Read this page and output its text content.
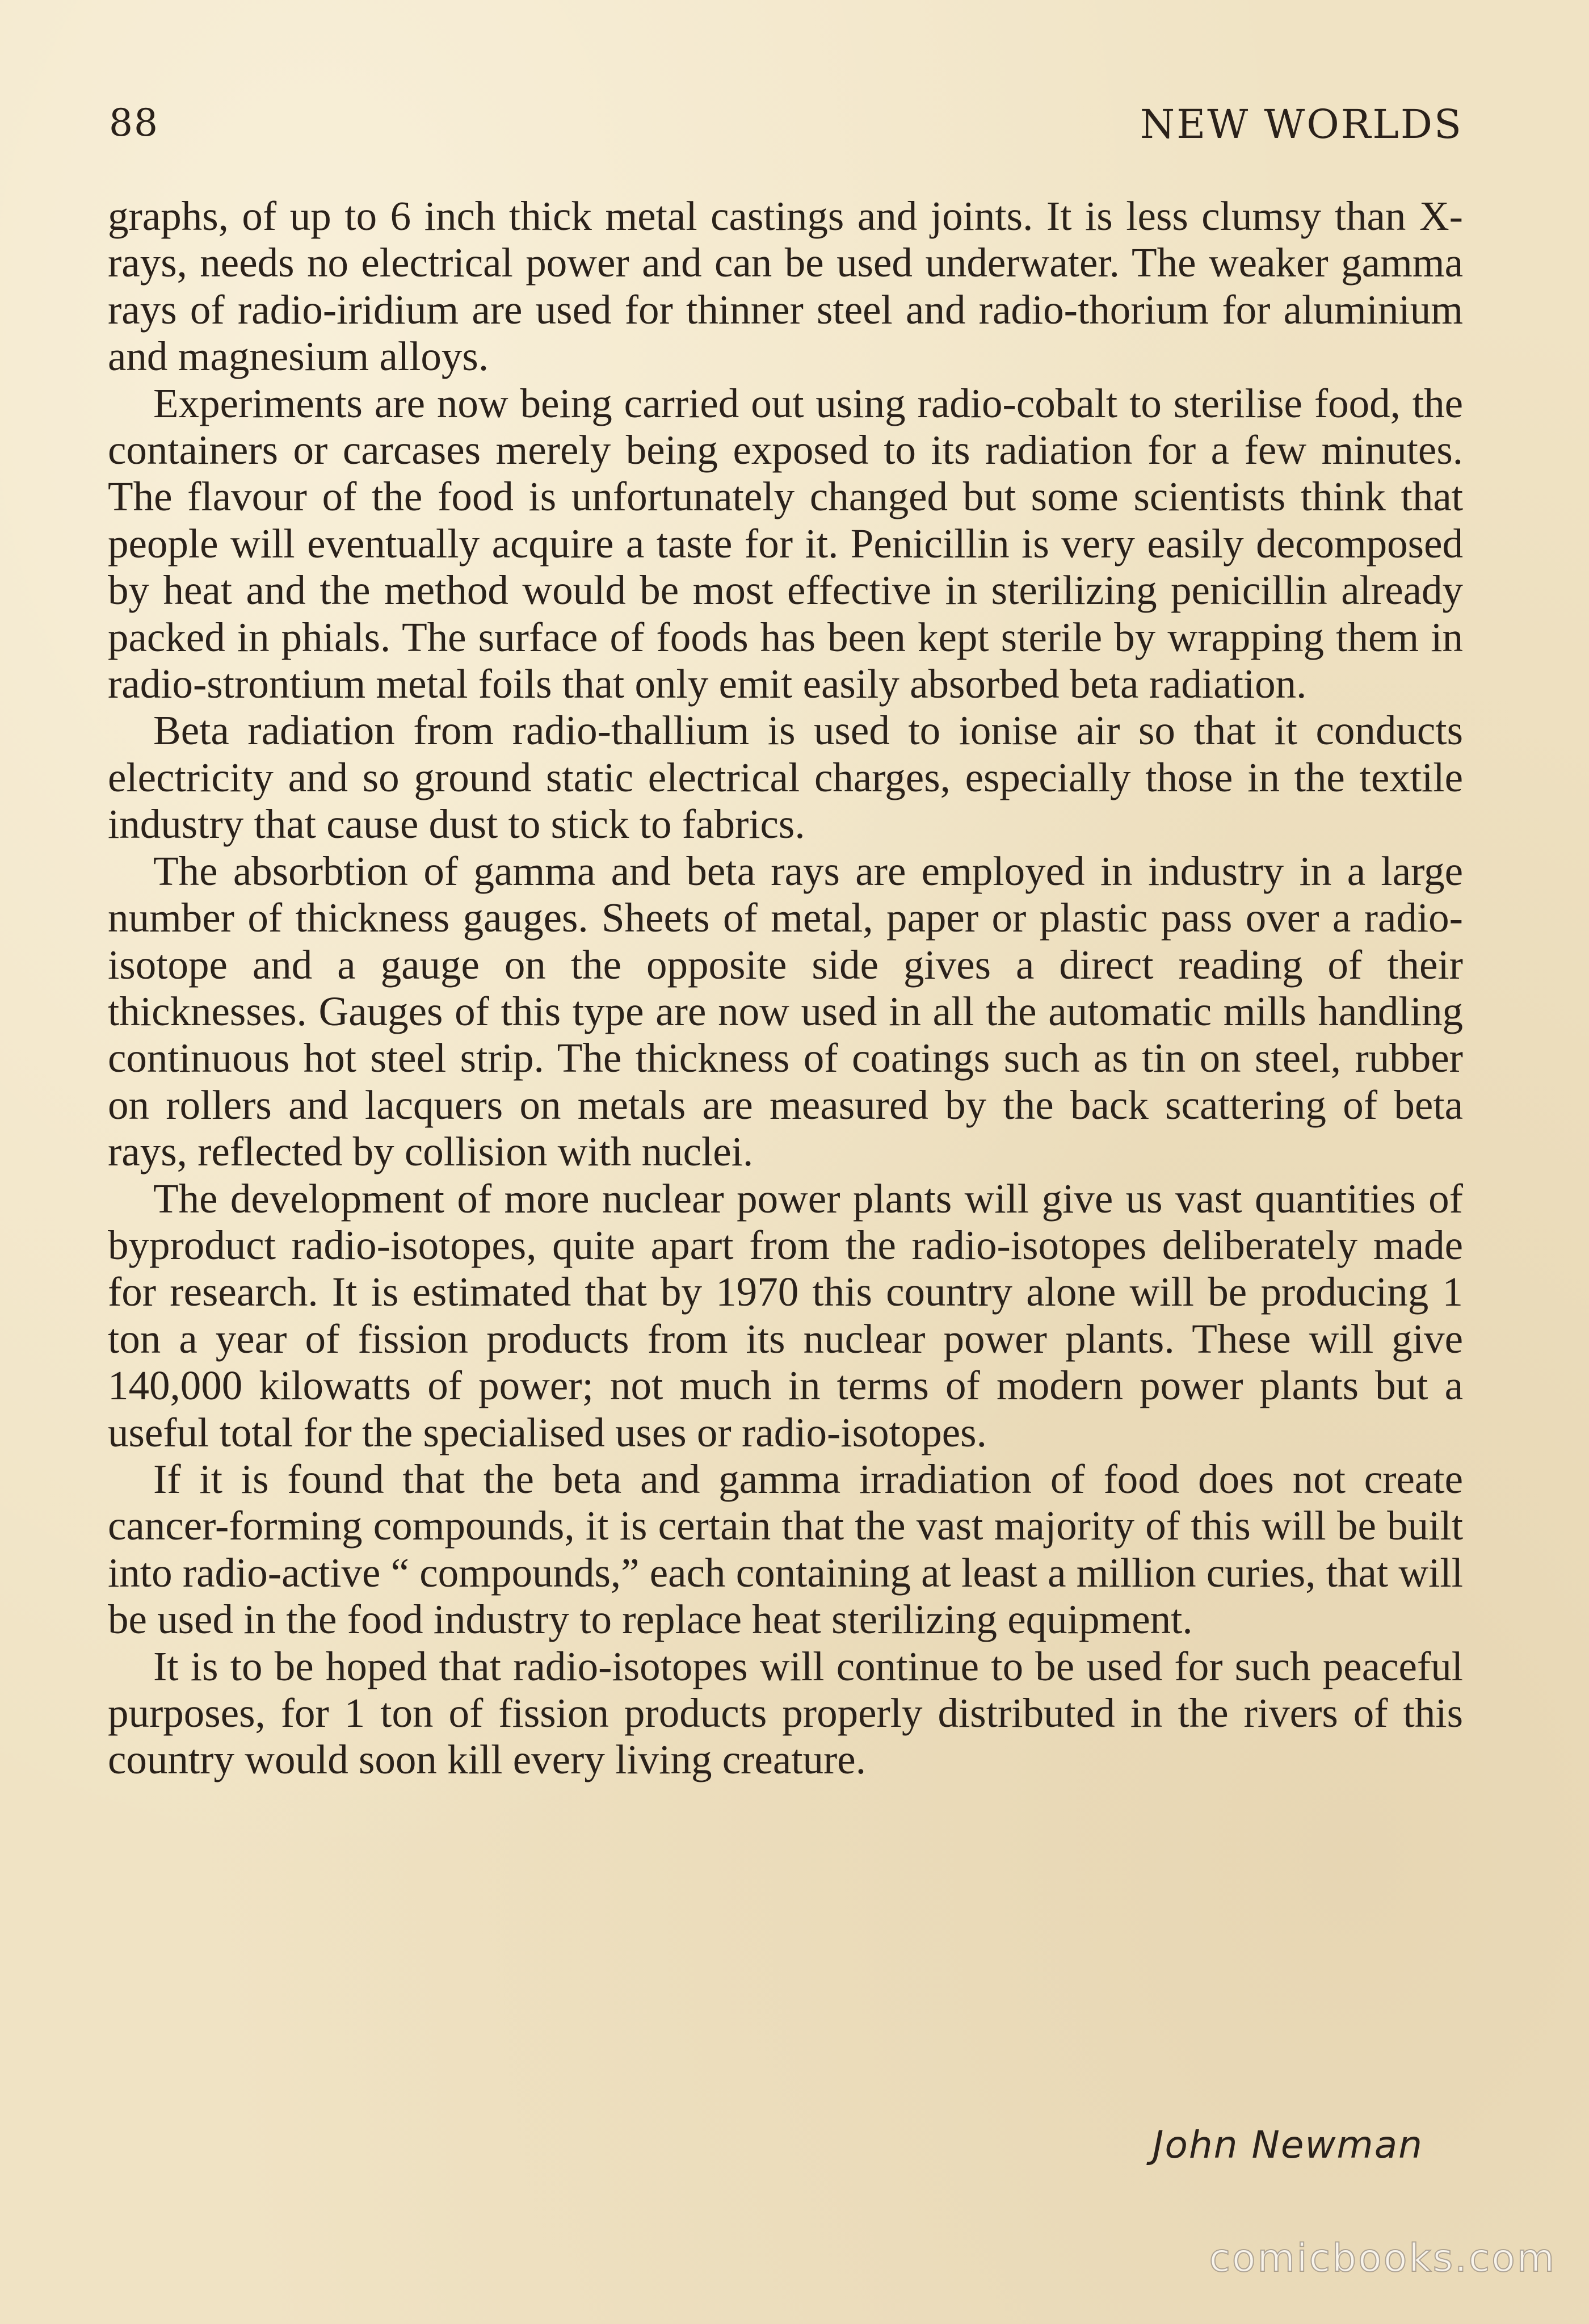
88	NEW WORLDS

graphs, of up to 6 inch thick metal castings and joints. It is less clumsy than X-rays, needs no electrical power and can be used underwater. The weaker gamma rays of radio-iridium are used for thinner steel and radio-thorium for aluminium and magnesium alloys.

Experiments are now being carried out using radio-cobalt to sterilise food, the containers or carcases merely being exposed to its radiation for a few minutes. The flavour of the food is unfortunately changed but some scientists think that people will eventually acquire a taste for it. Penicillin is very easily decomposed by heat and the method would be most effective in sterilizing penicillin already packed in phials. The surface of foods has been kept sterile by wrapping them in radio-strontium metal foils that only emit easily absorbed beta radiation.

Beta radiation from radio-thallium is used to ionise air so that it conducts electricity and so ground static electrical charges, especially those in the textile industry that cause dust to stick to fabrics.

The absorbtion of gamma and beta rays are employed in industry in a large number of thickness gauges. Sheets of metal, paper or plastic pass over a radio-isotope and a gauge on the opposite side gives a direct reading of their thicknesses. Gauges of this type are now used in all the automatic mills handling continuous hot steel strip. The thickness of coatings such as tin on steel, rubber on rollers and lacquers on metals are measured by the back scattering of beta rays, reflected by collision with nuclei.

The development of more nuclear power plants will give us vast quantities of byproduct radio-isotopes, quite apart from the radio-isotopes deliberately made for research. It is estimated that by 1970 this country alone will be producing 1 ton a year of fission products from its nuclear power plants. These will give 140,000 kilowatts of power; not much in terms of modern power plants but a useful total for the specialised uses or radio-isotopes.

If it is found that the beta and gamma irradiation of food does not create cancer-forming compounds, it is certain that the vast majority of this will be built into radio-active “ compounds,” each containing at least a million curies, that will be used in the food industry to replace heat sterilizing equipment.

It is to be hoped that radio-isotopes will continue to be used for such peaceful purposes, for 1 ton of fission products properly distributed in the rivers of this country would soon kill every living creature.

John Newman
comicbooks.com
